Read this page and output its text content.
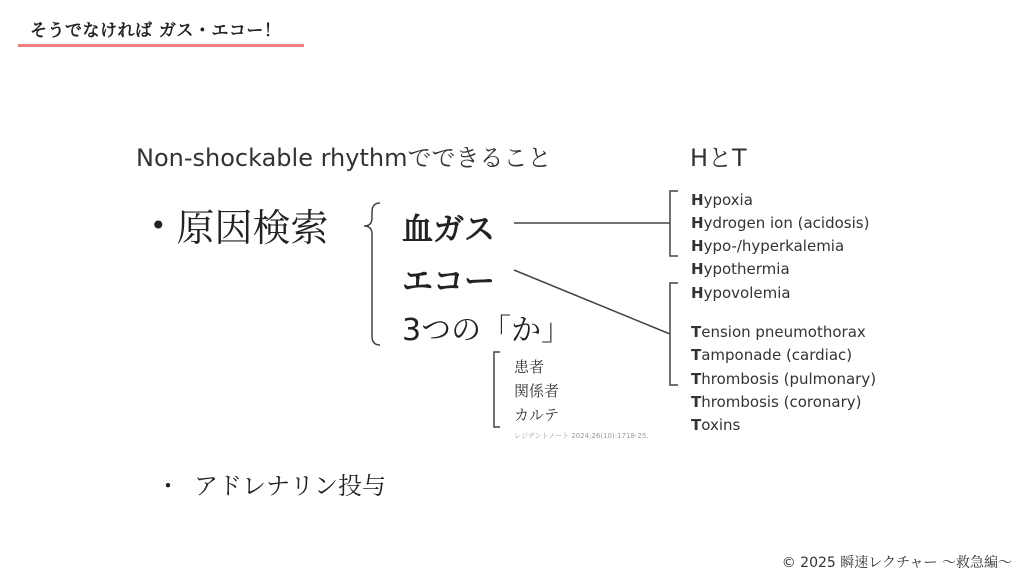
そうでなければ ガス・エコー！
Non-shockable rhythmでできること	HとT
• 原因検索 血ガス
エコー
3つの「か」
患者
関係者
カルテ
レジデントノート 2024;26(10):1718-25.
Hypoxia
Hydrogen ion (acidosis)
Hypo-/hyperkalemia
Hypothermia
Hypovolemia
Tension pneumothorax
Tamponade (cardiac)
Thrombosis (pulmonary)
Thrombosis (coronary)
Toxins
・ アドレナリン投与
© 2025 瞬速レクチャー 〜救急編〜
